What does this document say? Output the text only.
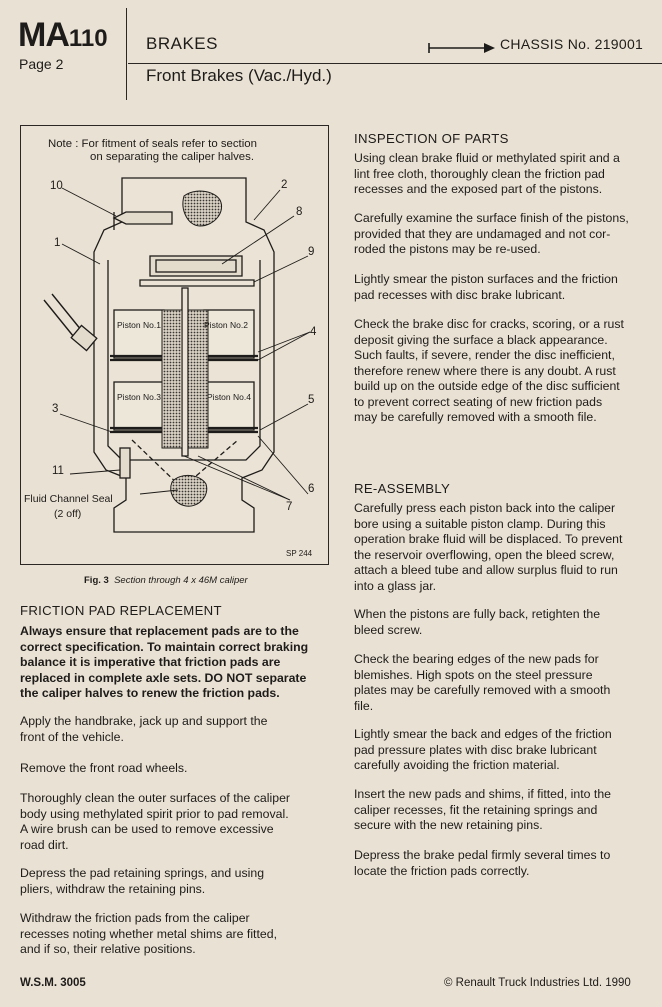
MA110
Page 2
BRAKES
Front Brakes (Vac./Hyd.)
CHASSIS No. 219001
Note : For fitment of seals refer to section
on separating the caliper halves.
Piston No.1	Piston No.2
Piston No.3	Piston No.4
10	2
8
1
9
4
3
5
6
11
7
Fluid Channel Seal
(2 off)
SP 244
Fig. 3 Section through 4 x 46M caliper
FRICTION PAD REPLACEMENT
Always ensure that replacement pads are to the
correct specification. To maintain correct braking
balance it is imperative that friction pads are
replaced in complete axle sets. DO NOT separate
the caliper halves to renew the friction pads.
Apply the handbrake, jack up and support the
front of the vehicle.
Remove the front road wheels.
Thoroughly clean the outer surfaces of the caliper
body using methylated spirit prior to pad removal.
A wire brush can be used to remove excessive
road dirt.
Depress the pad retaining springs, and using
pliers, withdraw the retaining pins.
Withdraw the friction pads from the caliper
recesses noting whether metal shims are fitted,
and if so, their relative positions.
INSPECTION OF PARTS
Using clean brake fluid or methylated spirit and a
lint free cloth, thoroughly clean the friction pad
recesses and the exposed part of the pistons.
Carefully examine the surface finish of the pistons,
provided that they are undamaged and not cor-
roded the pistons may be re-used.
Lightly smear the piston surfaces and the friction
pad recesses with disc brake lubricant.
Check the brake disc for cracks, scoring, or a rust
deposit giving the surface a black appearance.
Such faults, if severe, render the disc inefficient,
therefore renew where there is any doubt. A rust
build up on the outside edge of the disc sufficient
to prevent correct seating of new friction pads
may be carefully removed with a smooth file.
RE-ASSEMBLY
Carefully press each piston back into the caliper
bore using a suitable piston clamp. During this
operation brake fluid will be displaced. To prevent
the reservoir overflowing, open the bleed screw,
attach a bleed tube and allow surplus fluid to run
into a glass jar.
When the pistons are fully back, retighten the
bleed screw.
Check the bearing edges of the new pads for
blemishes. High spots on the steel pressure
plates may be carefully removed with a smooth
file.
Lightly smear the back and edges of the friction
pad pressure plates with disc brake lubricant
carefully avoiding the friction material.
Insert the new pads and shims, if fitted, into the
caliper recesses, fit the retaining springs and
secure with the new retaining pins.
Depress the brake pedal firmly several times to
locate the friction pads correctly.
W.S.M. 3005	© Renault Truck Industries Ltd. 1990
